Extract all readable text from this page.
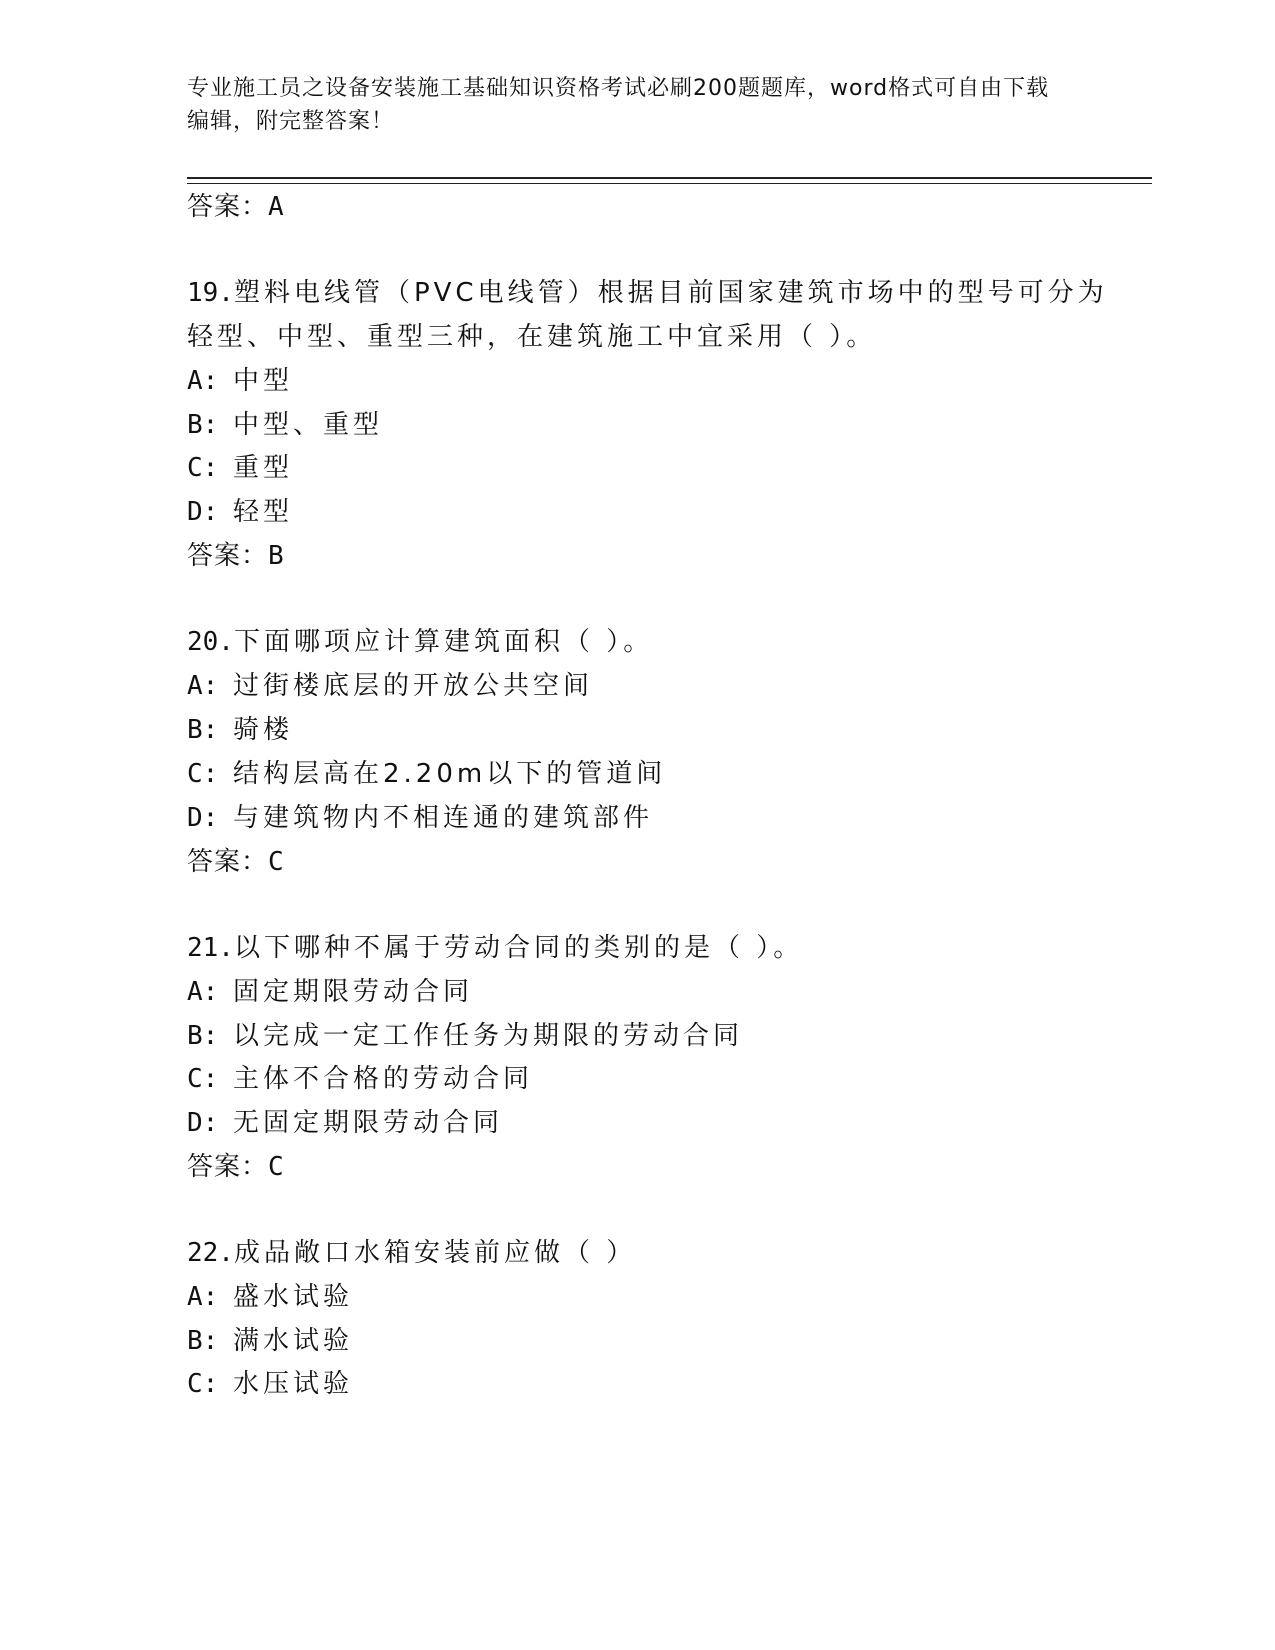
专业施工员之设备安装施工基础知识资格考试必刷200题题库，word格式可自由下载编辑，附完整答案！
答案：A
19.塑料电线管（PVC电线管）根据目前国家建筑市场中的型号可分为
轻型、中型、重型三种，在建筑施工中宜采用（ ）。
A: 中型
B: 中型、重型
C: 重型
D: 轻型
答案：B
20.下面哪项应计算建筑面积（ ）。
A: 过街楼底层的开放公共空间
B: 骑楼
C: 结构层高在2.20m以下的管道间
D: 与建筑物内不相连通的建筑部件
答案：C
21.以下哪种不属于劳动合同的类别的是（ ）。
A: 固定期限劳动合同
B: 以完成一定工作任务为期限的劳动合同
C: 主体不合格的劳动合同
D: 无固定期限劳动合同
答案：C
22.成品敞口水箱安装前应做（ ）
A: 盛水试验
B: 满水试验
C: 水压试验
